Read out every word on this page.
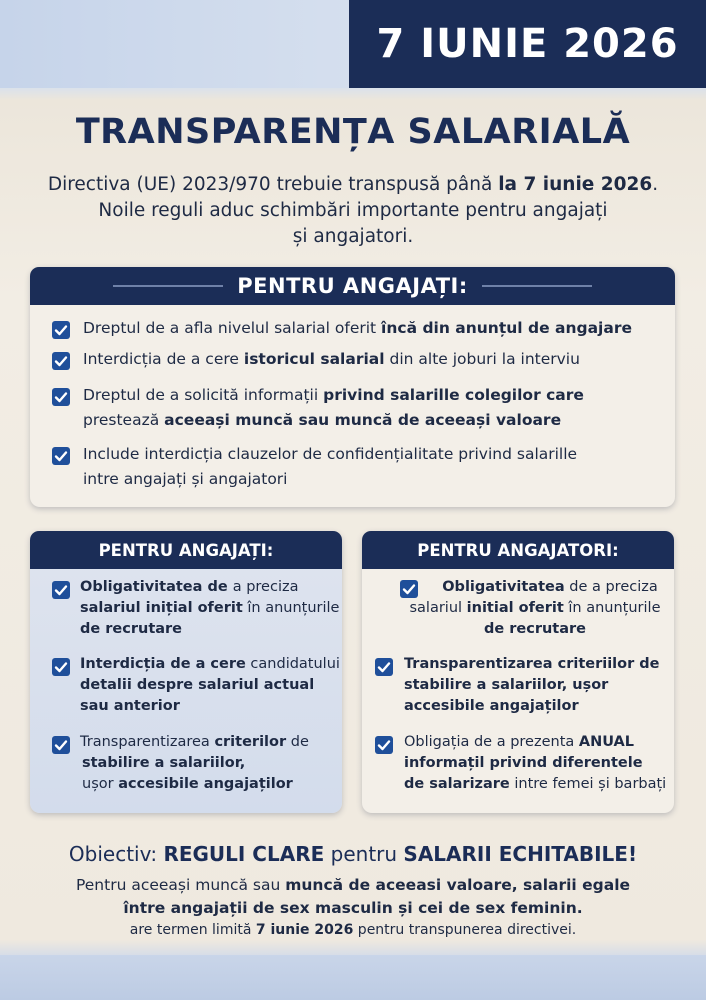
7 IUNIE 2026
TRANSPARENȚA SALARIALĂ
Directiva (UE) 2023/970 trebuie transpusă până la 7 iunie 2026.
Noile reguli aduc schimbări importante pentru angajați
și angajatori.
PENTRU ANGAJAȚI:
Dreptul de a afla nivelul salarial oferit încă din anunțul de angajare
Interdicția de a cere istoricul salarial din alte joburi la interviu
Dreptul de a solicită informații privind salarille colegilor care
prestează aceeași muncă sau muncă de aceeași valoare
Include interdicția clauzelor de confidențialitate privind salarille
intre angajați și angajatori
PENTRU ANGAJAȚI:
Obligativitatea de a preciza
salariul inițial oferit în anunțurile
de recrutare
Interdicția de a cere candidatului
detalii despre salariul actual
sau anterior
Transparentizarea criterilor de
stabilire a salariilor,
ușor accesibile angajaților
PENTRU ANGAJATORI:
Obligativitatea de a preciza
salariul initial oferit în anunțurile
de recrutare
Transparentizarea criteriilor de
stabilire a salariilor, ușor
accesibile angajaților
Obligația de a prezenta ANUAL
informațil privind diferentele
de salarizare intre femei și barbați
Obiectiv: REGULI CLARE pentru SALARII ECHITABILE!
Pentru aceeași muncă sau muncă de aceeasi valoare, salarii egale
între angajații de sex masculin și cei de sex feminin.
are termen limită 7 iunie 2026 pentru transpunerea directivei.
